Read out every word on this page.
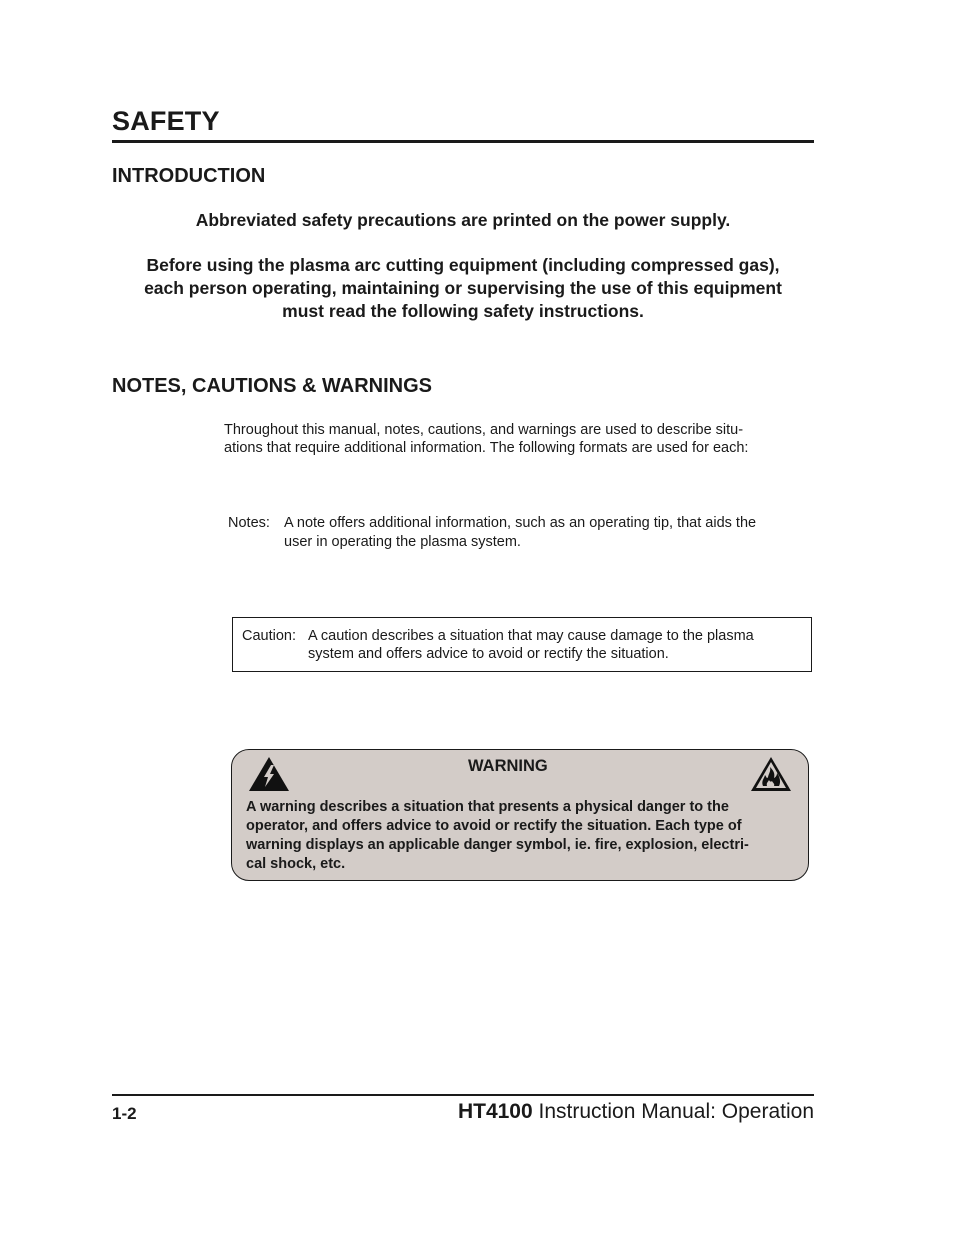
SAFETY
INTRODUCTION
Abbreviated safety precautions are printed on the power supply.
Before using the plasma arc cutting equipment (including compressed gas),
each person operating, maintaining or supervising the use of this equipment
must read the following safety instructions.
NOTES, CAUTIONS & WARNINGS
Throughout this manual, notes, cautions, and warnings are used to describe situ-
ations that require additional information. The following formats are used for each:
Notes: A note offers additional information, such as an operating tip, that aids the
user in operating the plasma system.
Caution: A caution describes a situation that may cause damage to the plasma
system and offers advice to avoid or rectify the situation.
WARNING
A warning describes a situation that presents a physical danger to the
operator, and offers advice to avoid or rectify the situation. Each type of
warning displays an applicable danger symbol, ie. fire, explosion, electri-
cal shock, etc.
1-2	HT4100 Instruction Manual: Operation
